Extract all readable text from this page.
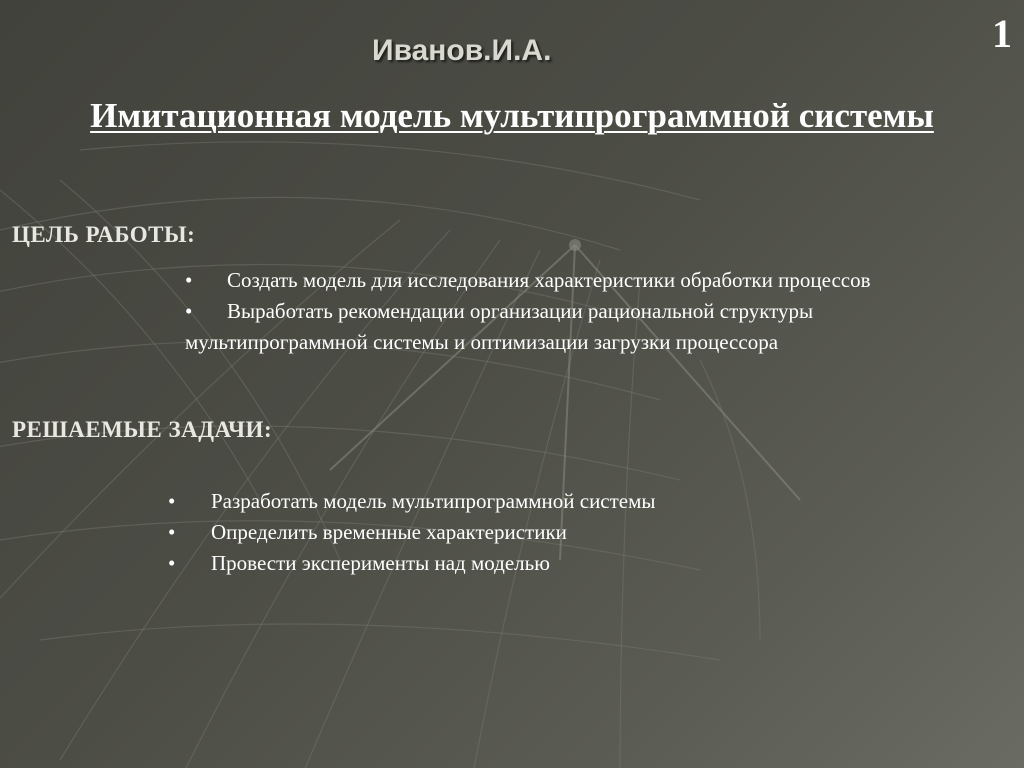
1
Иванов.И.А.
Имитационная модель мультипрограммной системы
ЦЕЛЬ РАБОТЫ:
• Создать модель для исследования характеристики обработки процессов
• Выработать рекомендации организации рациональной структуры мультипрограммной системы и оптимизации загрузки процессора
РЕШАЕМЫЕ ЗАДАЧИ:
• Разработать модель мультипрограммной системы
• Определить временные характеристики
• Провести эксперименты над моделью
